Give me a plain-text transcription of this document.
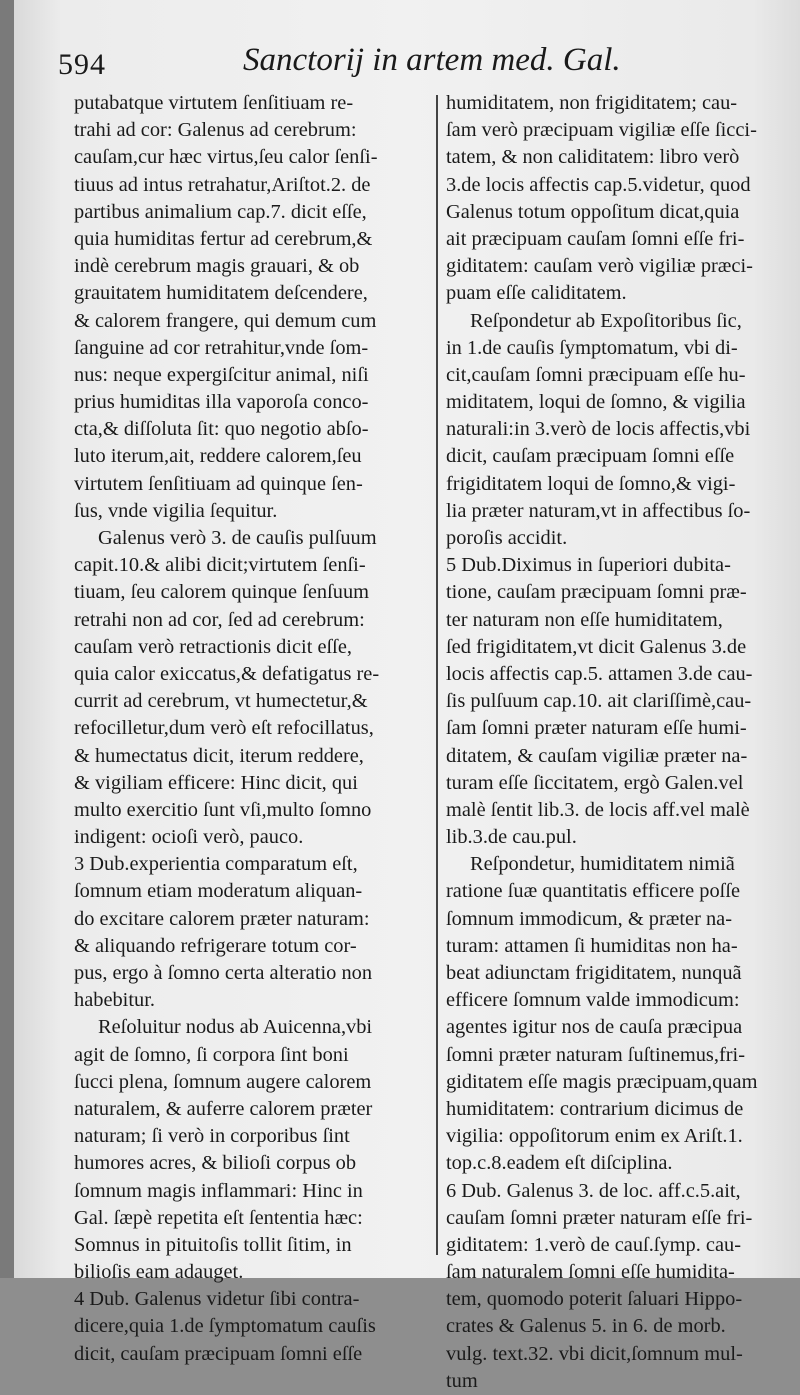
594	Sanctorij in artem med. Gal.
putabatque virtutem ſenſitiuam re-
trahi ad cor: Galenus ad cerebrum:
cauſam,cur hæc virtus,ſeu calor ſenſi-
tiuus ad intus retrahatur,Ariſtot.2. de
partibus animalium cap.7. dicit eſſe,
quia humiditas fertur ad cerebrum,&
indè cerebrum magis grauari, & ob
grauitatem humiditatem deſcendere,
& calorem frangere, qui demum cum
ſanguine ad cor retrahitur,vnde ſom-
nus: neque expergiſcitur animal, niſi
prius humiditas illa vaporoſa conco-
cta,& diſſoluta ſit: quo negotio abſo-
luto iterum,ait, reddere calorem,ſeu
virtutem ſenſitiuam ad quinque ſen-
ſus, vnde vigilia ſequitur.
Galenus verò 3. de cauſis pulſuum
capit.10.& alibi dicit;virtutem ſenſi-
tiuam, ſeu calorem quinque ſenſuum
retrahi non ad cor, ſed ad cerebrum:
cauſam verò retractionis dicit eſſe,
quia calor exiccatus,& defatigatus re-
currit ad cerebrum, vt humectetur,&
refocilletur,dum verò eſt refocillatus,
& humectatus dicit, iterum reddere,
& vigiliam efficere: Hinc dicit, qui
multo exercitio ſunt vſi,multo ſomno
indigent: ocioſi verò, pauco.
3 Dub.experientia comparatum eſt,
ſomnum etiam moderatum aliquan-
do excitare calorem præter naturam:
& aliquando refrigerare totum cor-
pus, ergo à ſomno certa alteratio non
habebitur.
Reſoluitur nodus ab Auicenna,vbi
agit de ſomno, ſi corpora ſint boni
ſucci plena, ſomnum augere calorem
naturalem, & auferre calorem præter
naturam; ſi verò in corporibus ſint
humores acres, & bilioſi corpus ob
ſomnum magis inflammari: Hinc in
Gal. ſæpè repetita eſt ſententia hæc:
Somnus in pituitoſis tollit ſitim, in
bilioſis eam adauget.
4 Dub. Galenus videtur ſibi contra-
dicere,quia 1.de ſymptomatum cauſis
dicit, cauſam præcipuam ſomni eſſe
humiditatem, non frigiditatem; cau-
ſam verò præcipuam vigiliæ eſſe ſicci-
tatem, & non caliditatem: libro verò
3.de locis affectis cap.5.videtur, quod
Galenus totum oppoſitum dicat,quia
ait præcipuam cauſam ſomni eſſe fri-
giditatem: cauſam verò vigiliæ præci-
puam eſſe caliditatem.
Reſpondetur ab Expoſitoribus ſic,
in 1.de cauſis ſymptomatum, vbi di-
cit,cauſam ſomni præcipuam eſſe hu-
miditatem, loqui de ſomno, & vigilia
naturali:in 3.verò de locis affectis,vbi
dicit, cauſam præcipuam ſomni eſſe
frigiditatem loqui de ſomno,& vigi-
lia præter naturam,vt in affectibus ſo-
poroſis accidit.
5 Dub.Diximus in ſuperiori dubita-
tione, cauſam præcipuam ſomni præ-
ter naturam non eſſe humiditatem,
ſed frigiditatem,vt dicit Galenus 3.de
locis affectis cap.5. attamen 3.de cau-
ſis pulſuum cap.10. ait clariſſimè,cau-
ſam ſomni præter naturam eſſe humi-
ditatem, & cauſam vigiliæ præter na-
turam eſſe ſiccitatem, ergò Galen.vel
malè ſentit lib.3. de locis aff.vel malè
lib.3.de cau.pul.
Reſpondetur, humiditatem nimiã
ratione ſuæ quantitatis efficere poſſe
ſomnum immodicum, & præter na-
turam: attamen ſi humiditas non ha-
beat adiunctam frigiditatem, nunquã
efficere ſomnum valde immodicum:
agentes igitur nos de cauſa præcipua
ſomni præter naturam ſuſtinemus,fri-
giditatem eſſe magis præcipuam,quam
humiditatem: contrarium dicimus de
vigilia: oppoſitorum enim ex Ariſt.1.
top.c.8.eadem eſt diſciplina.
6 Dub. Galenus 3. de loc. aff.c.5.ait,
cauſam ſomni præter naturam eſſe fri-
giditatem: 1.verò de cauſ.ſymp. cau-
ſam naturalem ſomni eſſe humidita-
tem, quomodo poterit ſaluari Hippo-
crates & Galenus 5. in 6. de morb.
vulg. text.32. vbi dicit,ſomnum mul-
tum
